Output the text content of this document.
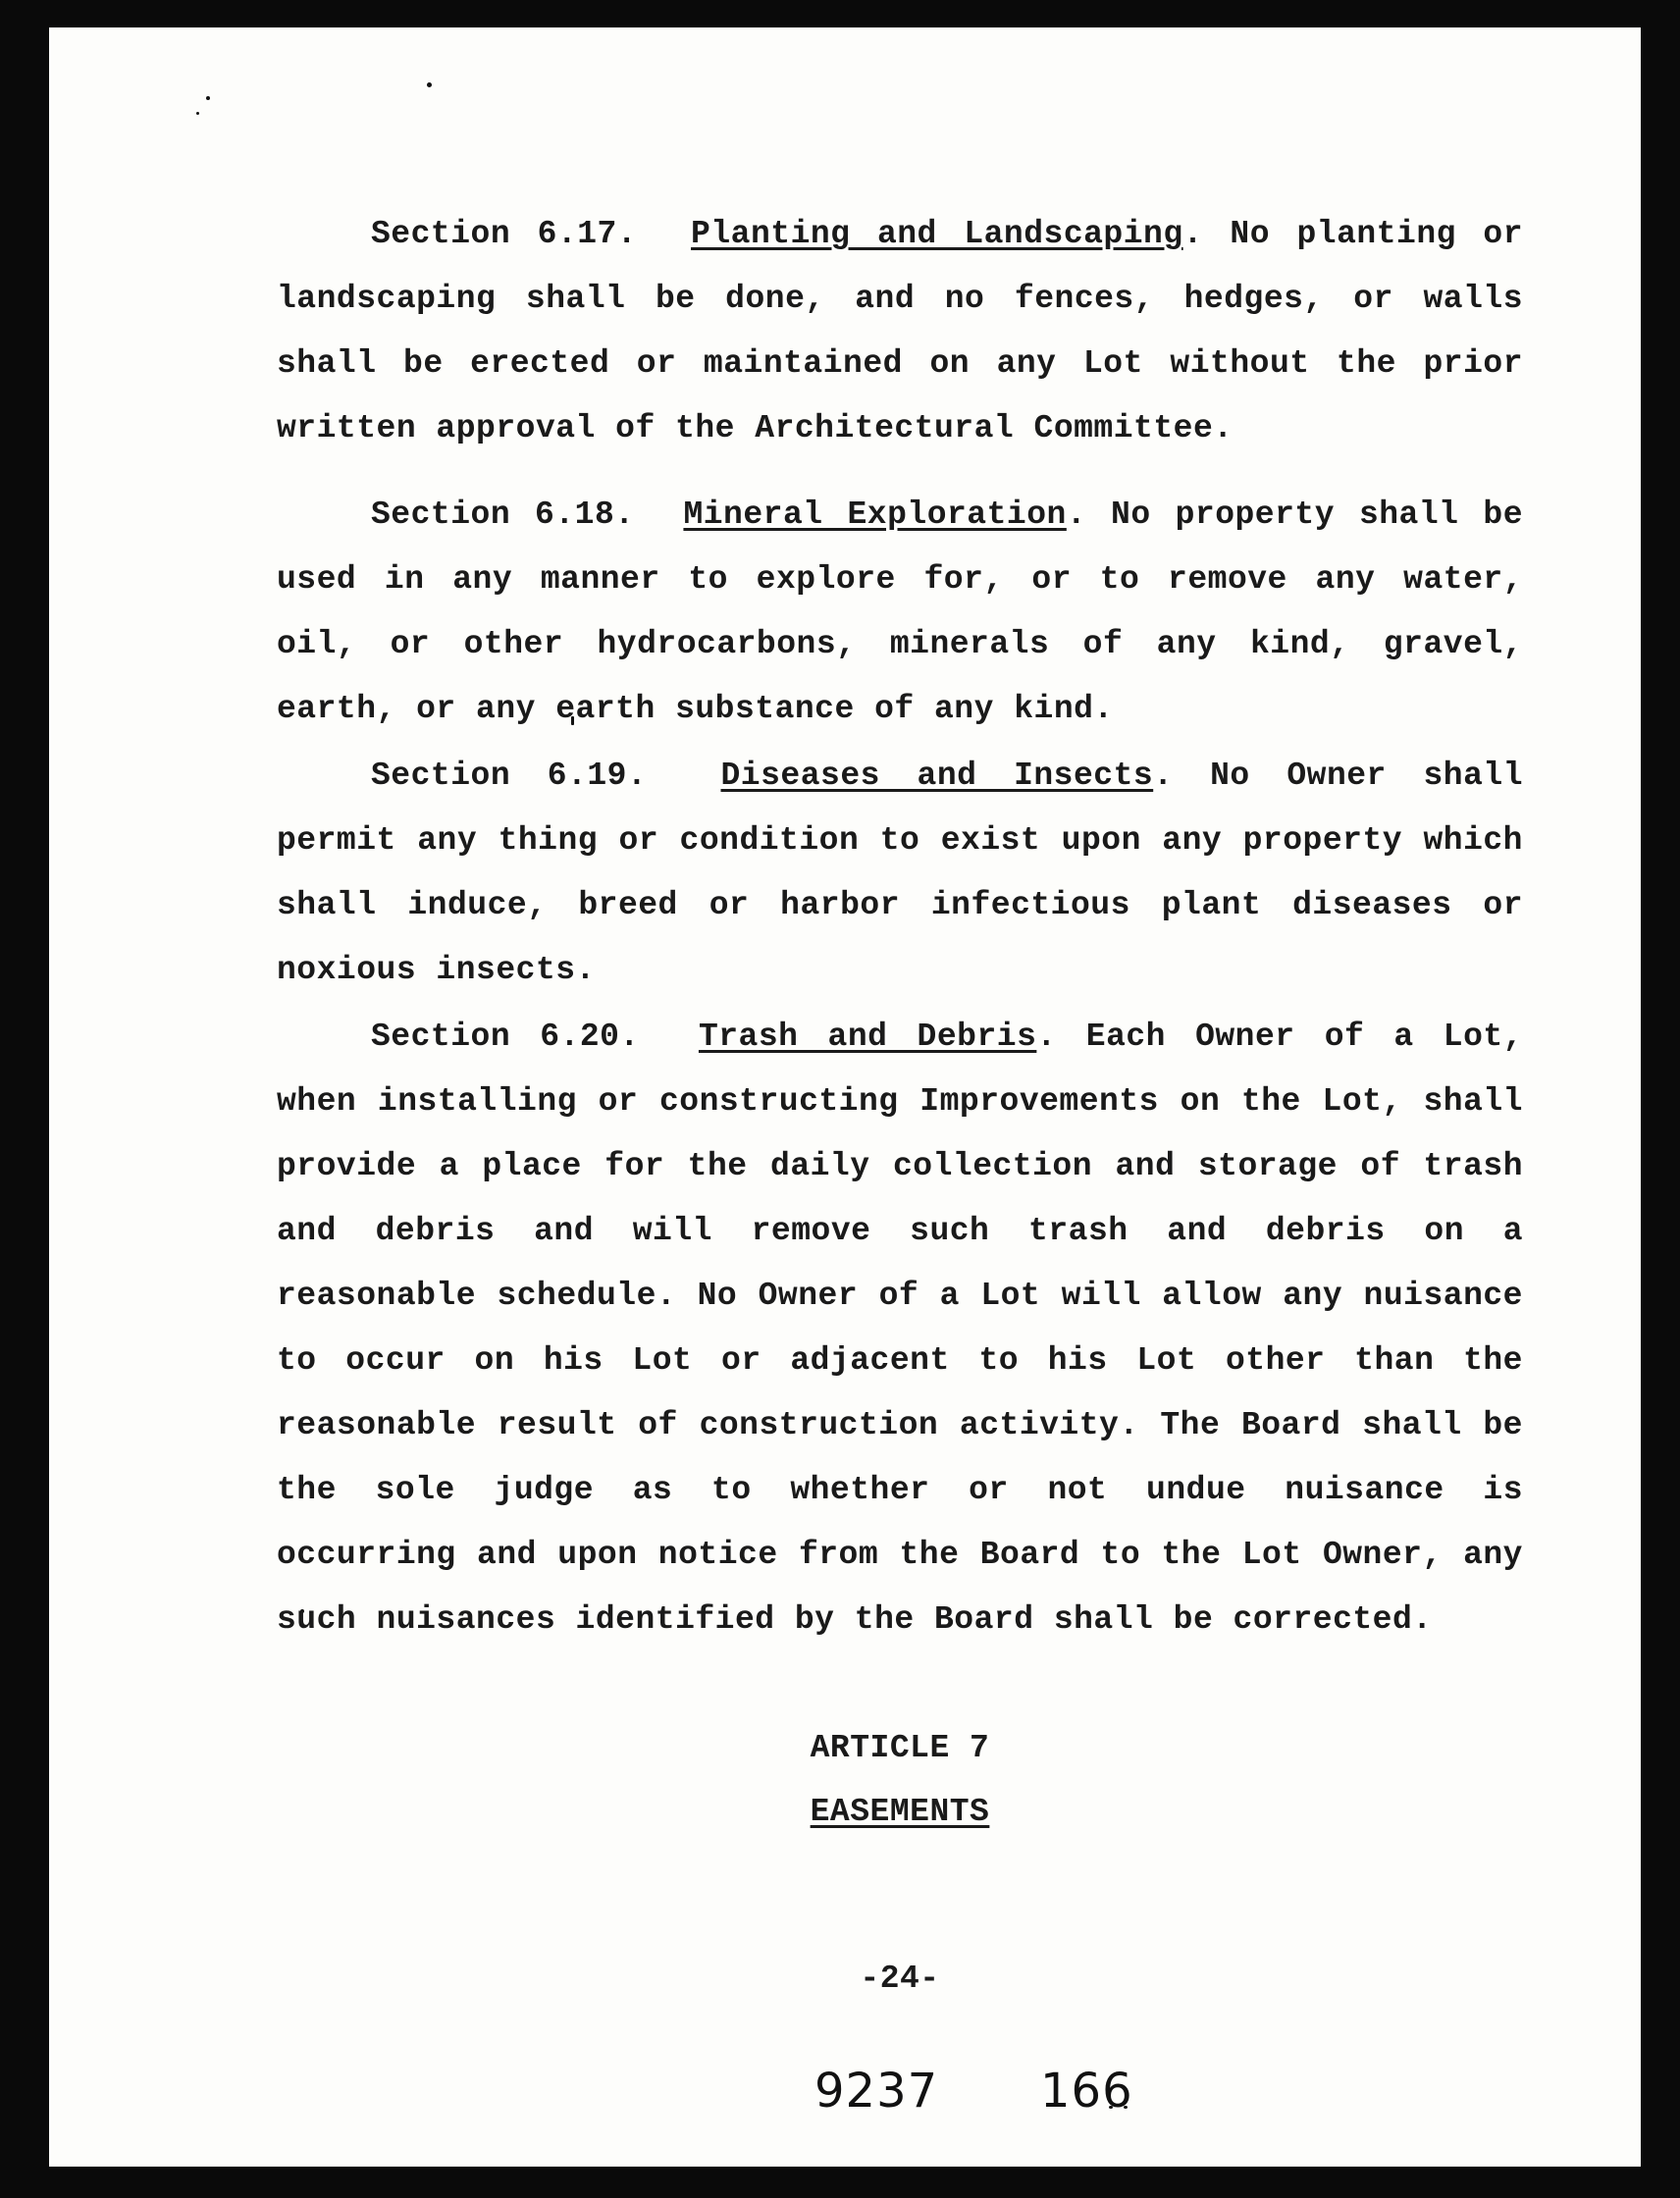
Section 6.17. Planting and Landscaping. No planting or landscaping shall be done, and no fences, hedges, or walls shall be erected or maintained on any Lot without the prior written approval of the Architectural Committee.

Section 6.18. Mineral Exploration. No property shall be used in any manner to explore for, or to remove any water, oil, or other hydrocarbons, minerals of any kind, gravel, earth, or any earth substance of any kind.

Section 6.19. Diseases and Insects. No Owner shall permit any thing or condition to exist upon any property which shall induce, breed or harbor infectious plant diseases or noxious insects.

Section 6.20. Trash and Debris. Each Owner of a Lot, when installing or constructing Improvements on the Lot, shall provide a place for the daily collection and storage of trash and debris and will remove such trash and debris on a reasonable schedule. No Owner of a Lot will allow any nuisance to occur on his Lot or adjacent to his Lot other than the reasonable result of construction activity. The Board shall be the sole judge as to whether or not undue nuisance is occurring and upon notice from the Board to the Lot Owner, any such nuisances identified by the Board shall be corrected.

ARTICLE 7

EASEMENTS

-24-

9237 166
